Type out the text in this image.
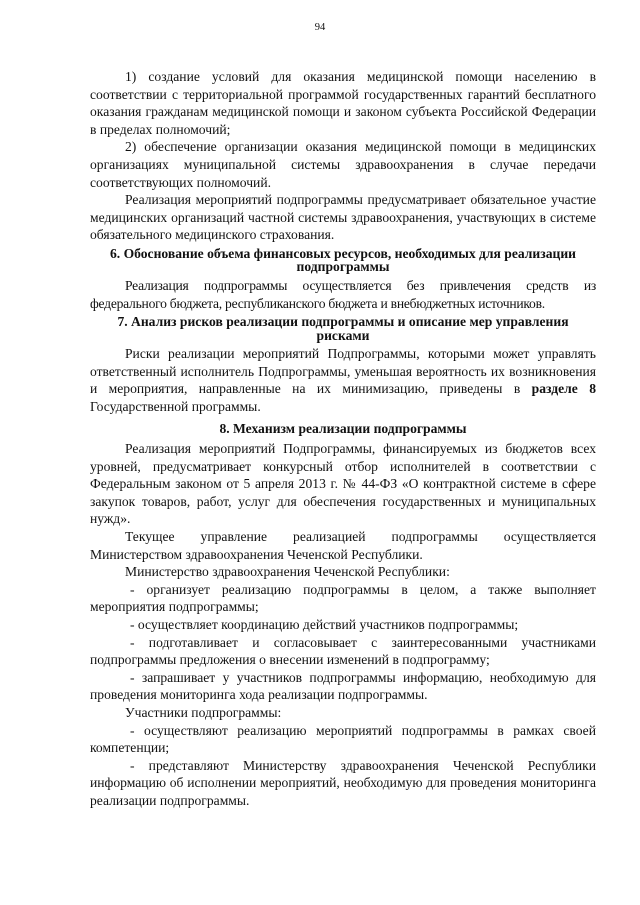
94

1) создание условий для оказания медицинской помощи населению в соответствии с территориальной программой государственных гарантий бесплатного оказания гражданам медицинской помощи и законом субъекта Российской Федерации в пределах полномочий;

2) обеспечение организации оказания медицинской помощи в медицинских организациях муниципальной системы здравоохранения в случае передачи соответствующих полномочий.

Реализация мероприятий подпрограммы предусматривает обязательное участие медицинских организаций частной системы здравоохранения, участвующих в системе обязательного медицинского страхования.

6. Обоснование объема финансовых ресурсов, необходимых для реализации подпрограммы

Реализация подпрограммы осуществляется без привлечения средств из федерального бюджета, республиканского бюджета и внебюджетных источников.

7. Анализ рисков реализации подпрограммы и описание мер управления рисками

Риски реализации мероприятий Подпрограммы, которыми может управлять ответственный исполнитель Подпрограммы, уменьшая вероятность их возникновения и мероприятия, направленные на их минимизацию, приведены в разделе 8 Государственной программы.

8. Механизм реализации подпрограммы

Реализация мероприятий Подпрограммы, финансируемых из бюджетов всех уровней, предусматривает конкурсный отбор исполнителей в соответствии с Федеральным законом от 5 апреля 2013 г. № 44-ФЗ «О контрактной системе в сфере закупок товаров, работ, услуг для обеспечения государственных и муниципальных нужд».

Текущее управление реализацией подпрограммы осуществляется Министерством здравоохранения Чеченской Республики.

Министерство здравоохранения Чеченской Республики:

- организует реализацию подпрограммы в целом, а также выполняет мероприятия подпрограммы;

- осуществляет координацию действий участников подпрограммы;

- подготавливает и согласовывает с заинтересованными участниками подпрограммы предложения о внесении изменений в подпрограмму;

- запрашивает у участников подпрограммы информацию, необходимую для проведения мониторинга хода реализации подпрограммы.

Участники подпрограммы:

- осуществляют реализацию мероприятий подпрограммы в рамках своей компетенции;

- представляют Министерству здравоохранения Чеченской Республики информацию об исполнении мероприятий, необходимую для проведения мониторинга реализации подпрограммы.
